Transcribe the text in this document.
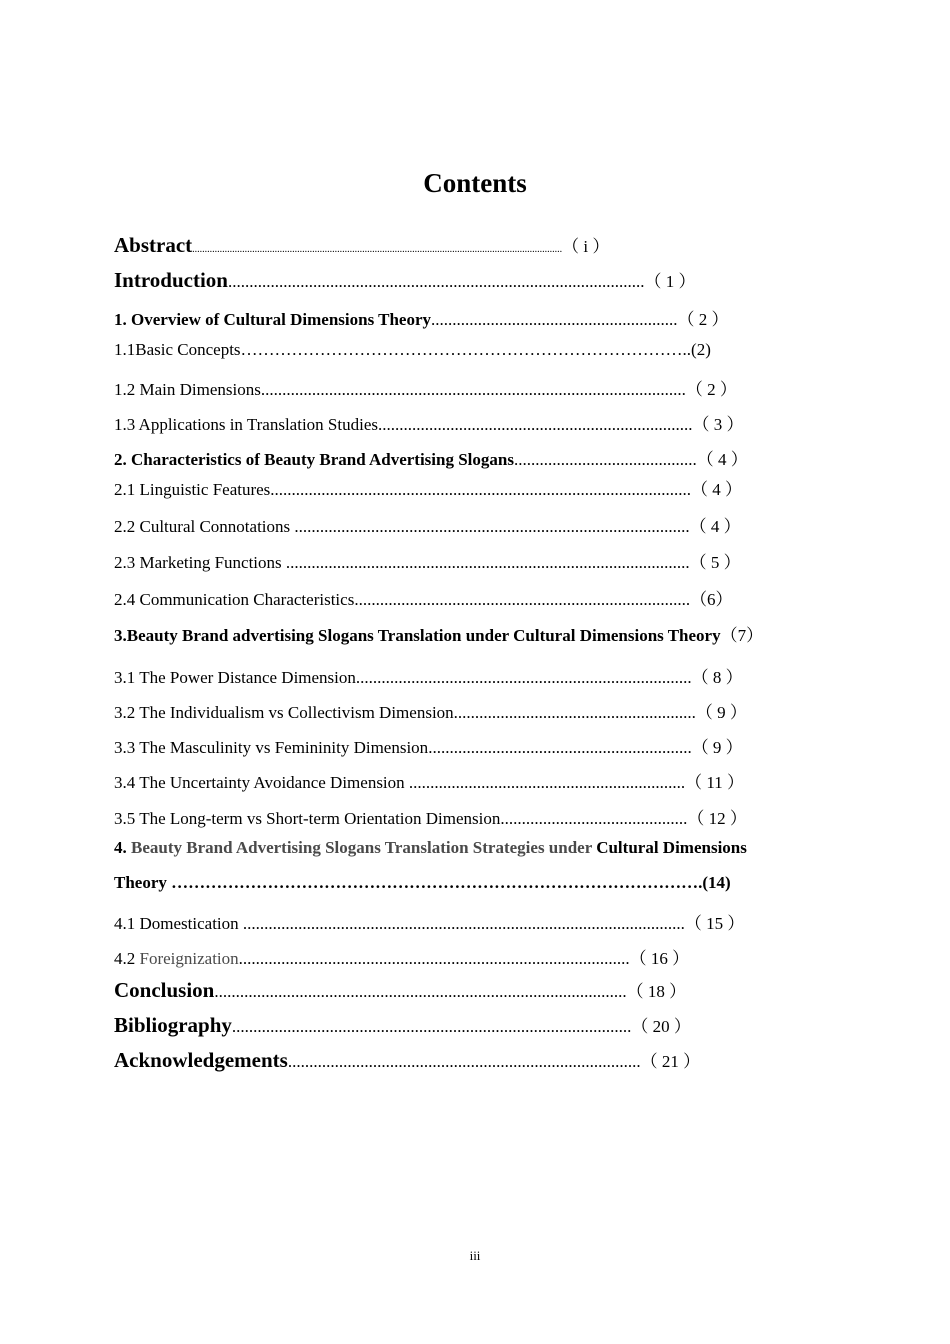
Contents
Abstract....................................................................................................................................................（ i ）
Introduction..................................................................................................（ 1 ）
1. Overview of Cultural Dimensions Theory..........................................................（ 2 ）
1.1Basic Concepts……………………………………………………………………..(2)
1.2 Main Dimensions....................................................................................................（ 2 ）
1.3 Applications in Translation Studies..........................................................................（ 3 ）
2. Characteristics of Beauty Brand Advertising Slogans...........................................（ 4 ）
2.1 Linguistic Features...................................................................................................（ 4 ）
2.2 Cultural Connotations .............................................................................................（ 4 ）
2.3 Marketing Functions ...............................................................................................（ 5 ）
2.4 Communication Characteristics...............................................................................（6）
3.Beauty Brand advertising Slogans Translation under Cultural Dimensions Theory（7）
3.1 The Power Distance Dimension...............................................................................（ 8 ）
3.2 The Individualism vs Collectivism Dimension.........................................................（ 9 ）
3.3 The Masculinity vs Femininity Dimension..............................................................（ 9 ）
3.4 The Uncertainty Avoidance Dimension .................................................................（ 11 ）
3.5 The Long-term vs Short-term Orientation Dimension............................................（ 12 ）
4. Beauty Brand Advertising Slogans Translation Strategies under Cultural Dimensions
Theory ………………………………………………………………………………….(14)
4.1 Domestication ........................................................................................................（ 15 ）
4.2 Foreignization............................................................................................（ 16 ）
Conclusion.................................................................................................（ 18 ）
Bibliography..............................................................................................（ 20 ）
Acknowledgements...................................................................................（ 21 ）
iii
